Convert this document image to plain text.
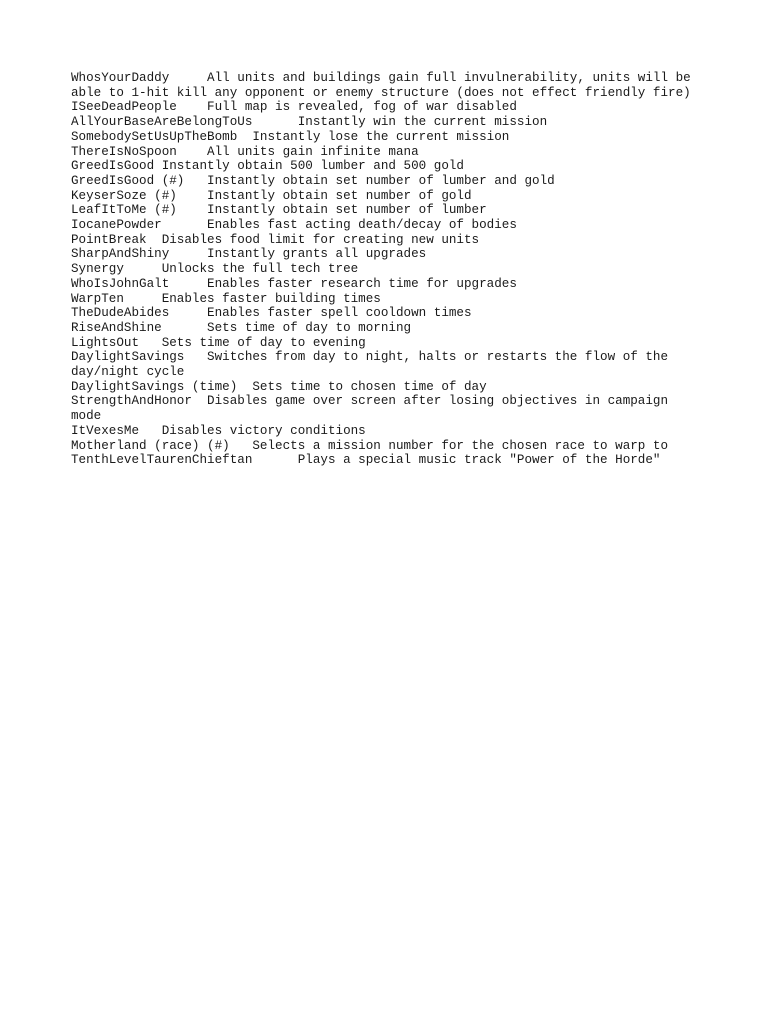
WhosYourDaddy     All units and buildings gain full invulnerability, units will be able to 1-hit kill any opponent or enemy structure (does not effect friendly fire)

ISeeDeadPeople    Full map is revealed, fog of war disabled

AllYourBaseAreBelongToUs      Instantly win the current mission

SomebodySetUsUpTheBomb  Instantly lose the current mission

ThereIsNoSpoon    All units gain infinite mana

GreedIsGood Instantly obtain 500 lumber and 500 gold

GreedIsGood (#)   Instantly obtain set number of lumber and gold

KeyserSoze (#)    Instantly obtain set number of gold

LeafItToMe (#)    Instantly obtain set number of lumber

IocanePowder      Enables fast acting death/decay of bodies

PointBreak  Disables food limit for creating new units

SharpAndShiny     Instantly grants all upgrades

Synergy     Unlocks the full tech tree

WhoIsJohnGalt     Enables faster research time for upgrades

WarpTen     Enables faster building times

TheDudeAbides     Enables faster spell cooldown times

RiseAndShine      Sets time of day to morning

LightsOut   Sets time of day to evening

DaylightSavings   Switches from day to night, halts or restarts the flow of the day/night cycle

DaylightSavings (time)  Sets time to chosen time of day

StrengthAndHonor  Disables game over screen after losing objectives in campaign mode

ItVexesMe   Disables victory conditions

Motherland (race) (#)   Selects a mission number for the chosen race to warp to

TenthLevelTaurenChieftan      Plays a special music track "Power of the Horde"
